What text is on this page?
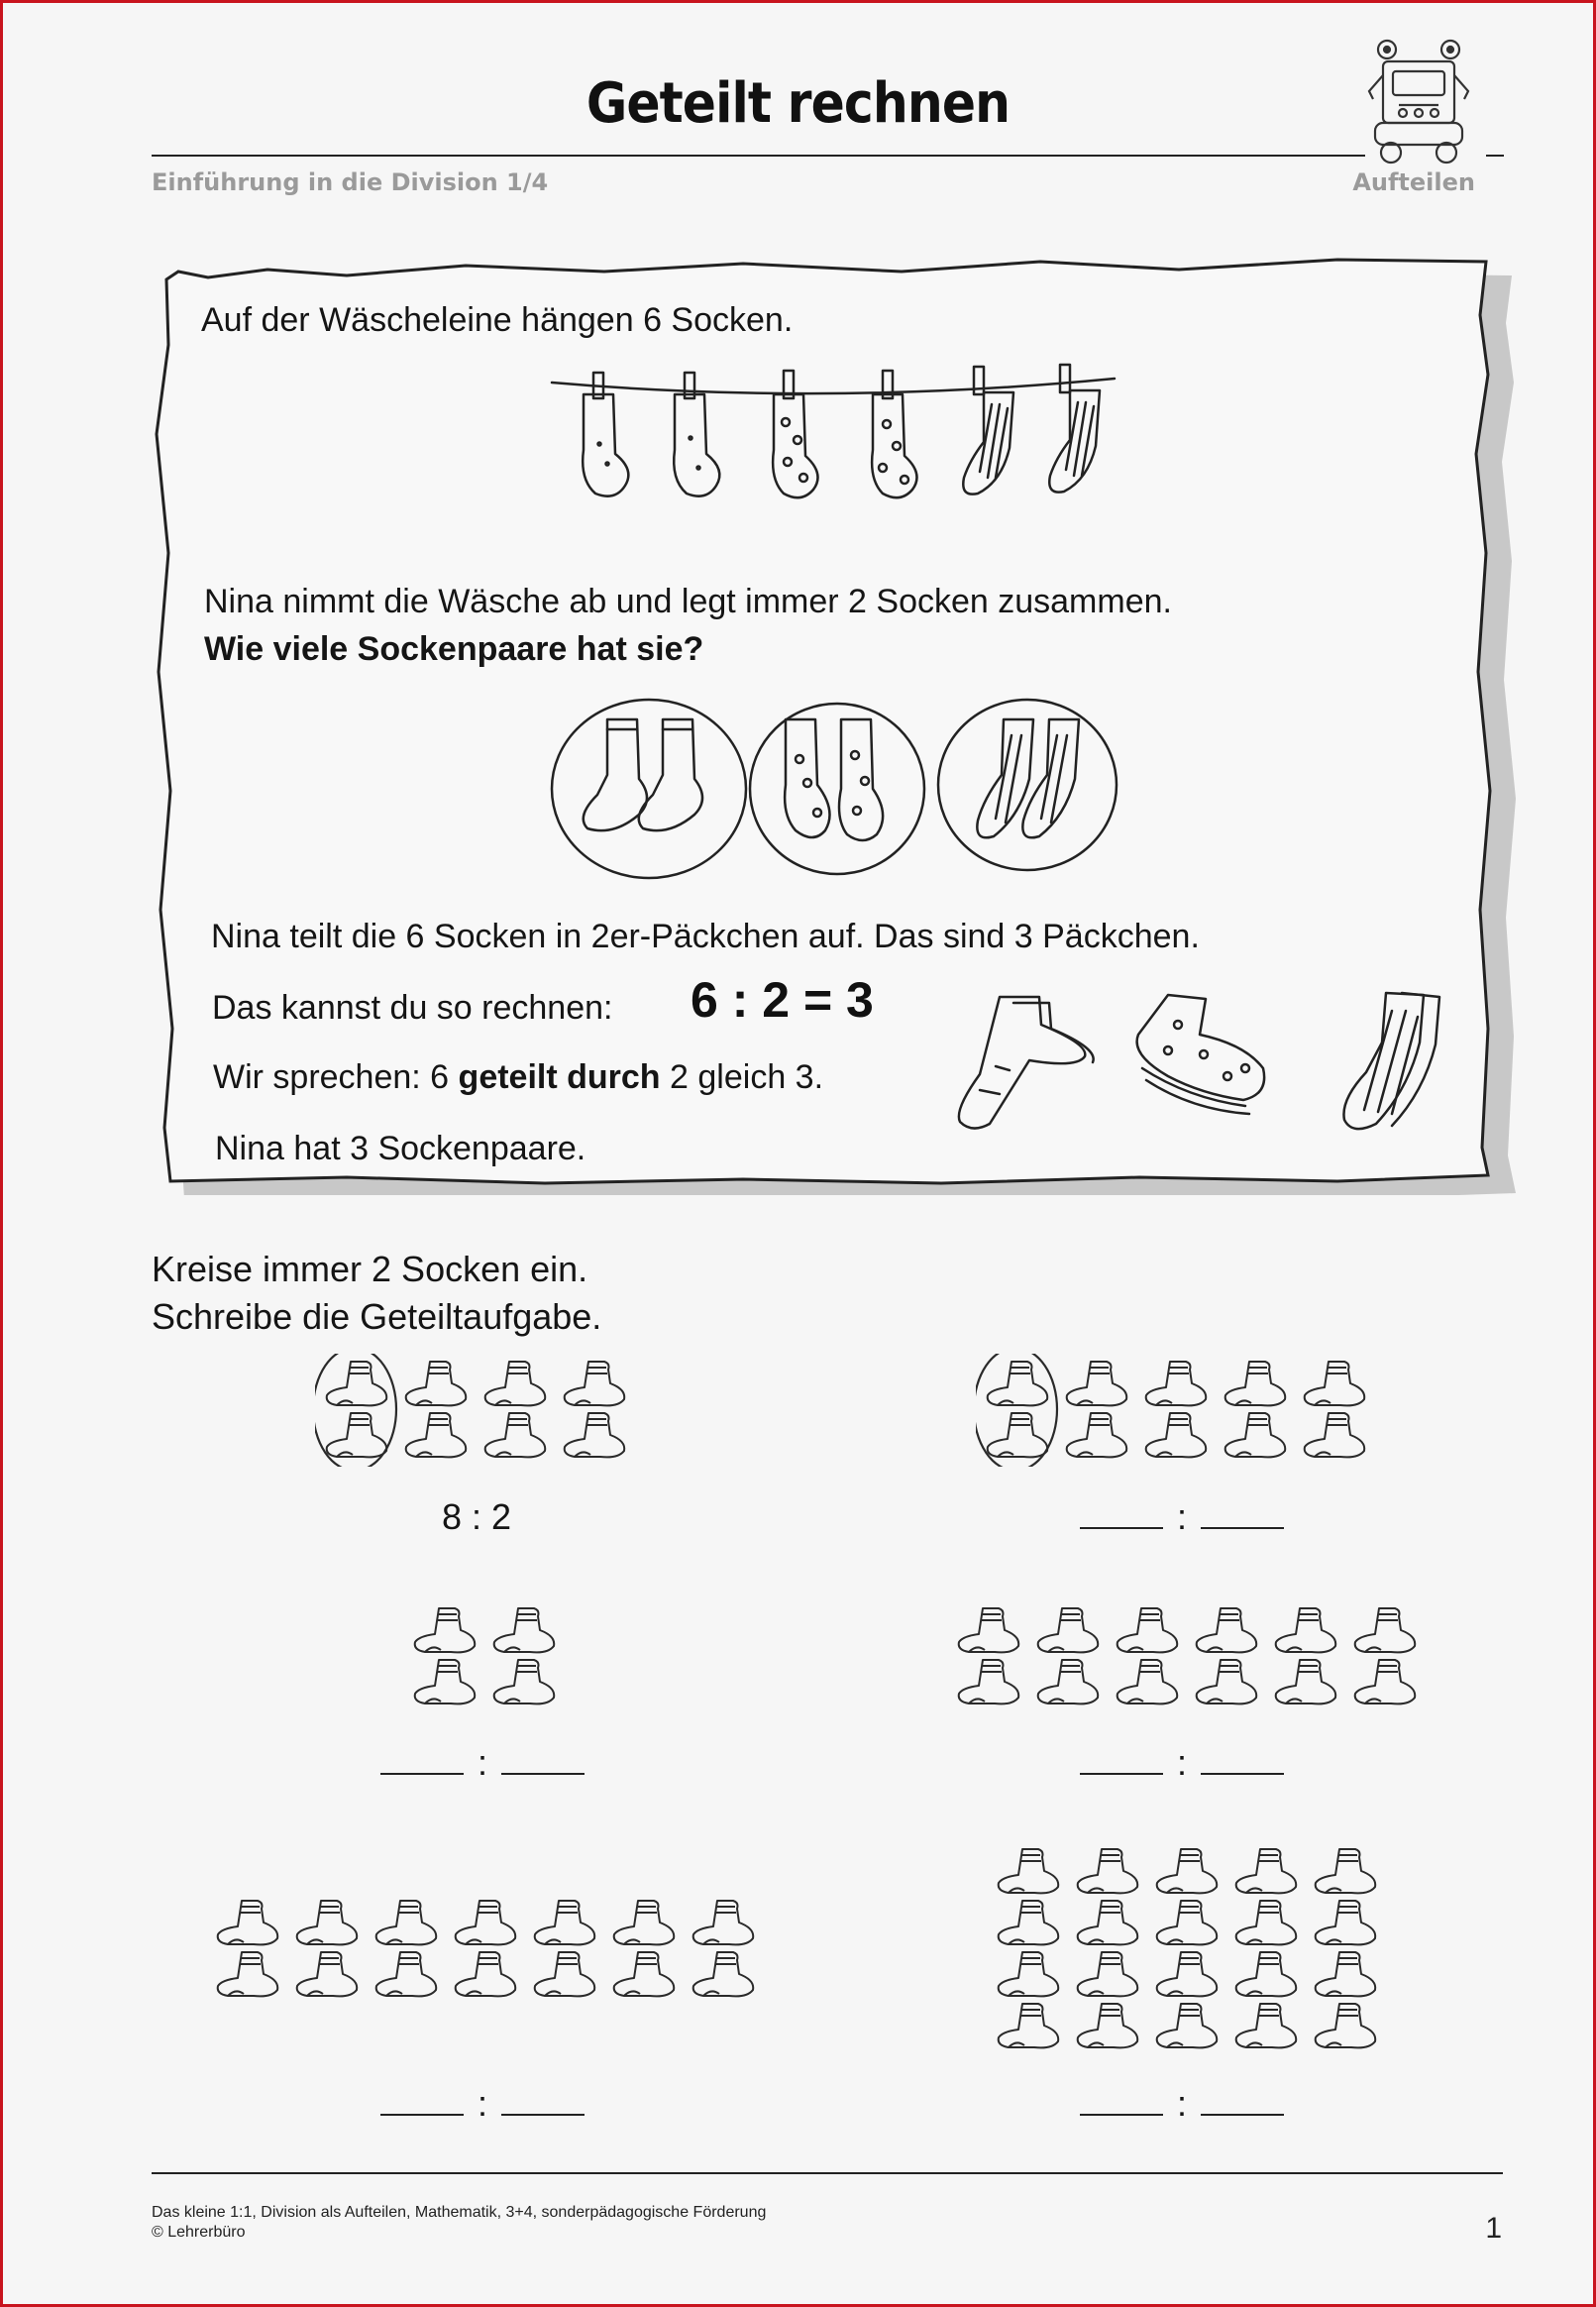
Geteilt rechnen
Einführung in die Division 1/4	Aufteilen
Auf der Wäscheleine hängen 6 Socken.
Nina nimmt die Wäsche ab und legt immer 2 Socken zusammen.
Wie viele Sockenpaare hat sie?
Nina teilt die 6 Socken in 2er-Päckchen auf. Das sind 3 Päckchen.
Das kannst du so rechnen: 6 : 2 = 3
Wir sprechen: 6 geteilt durch 2 gleich 3.
Nina hat 3 Sockenpaare.
Kreise immer 2 Socken ein.
Schreibe die Geteiltaufgabe.
8 : 2	:
:	:
:	:
Das kleine 1:1, Division als Aufteilen, Mathematik, 3+4, sonderpädagogische Förderung
© Lehrerbüro	1
